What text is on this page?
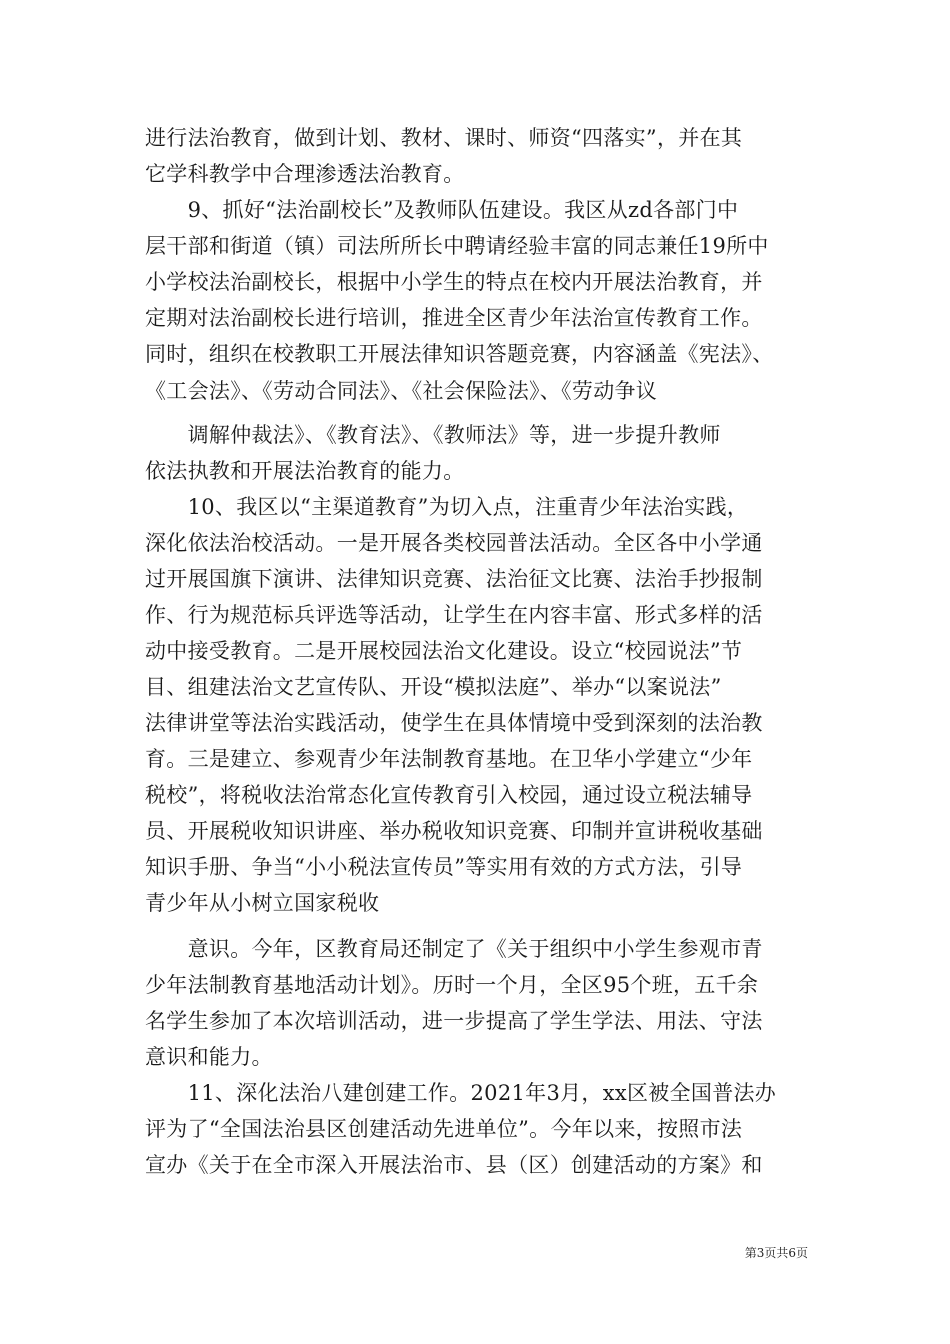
进行法治教育，做到计划、教材、课时、师资“四落实”，并在其
它学科教学中合理渗透法治教育。
　　9、抓好“法治副校长”及教师队伍建设。我区从zd各部门中
层干部和街道（镇）司法所所长中聘请经验丰富的同志兼任19所中
小学校法治副校长，根据中小学生的特点在校内开展法治教育，并
定期对法治副校长进行培训，推进全区青少年法治宣传教育工作。
同时，组织在校教职工开展法律知识答题竞赛，内容涵盖《宪法》、
《工会法》、《劳动合同法》、《社会保险法》、《劳动争议
　　调解仲裁法》、《教育法》、《教师法》等，进一步提升教师
依法执教和开展法治教育的能力。
　　10、我区以“主渠道教育”为切入点，注重青少年法治实践，
深化依法治校活动。一是开展各类校园普法活动。全区各中小学通
过开展国旗下演讲、法律知识竞赛、法治征文比赛、法治手抄报制
作、行为规范标兵评选等活动，让学生在内容丰富、形式多样的活
动中接受教育。二是开展校园法治文化建设。设立“校园说法”节
目、组建法治文艺宣传队、开设“模拟法庭”、举办“以案说法”
法律讲堂等法治实践活动，使学生在具体情境中受到深刻的法治教
育。三是建立、参观青少年法制教育基地。在卫华小学建立“少年
税校”，将税收法治常态化宣传教育引入校园，通过设立税法辅导
员、开展税收知识讲座、举办税收知识竞赛、印制并宣讲税收基础
知识手册、争当“小小税法宣传员”等实用有效的方式方法，引导
青少年从小树立国家税收
　　意识。今年，区教育局还制定了《关于组织中小学生参观市青
少年法制教育基地活动计划》。历时一个月，全区95个班，五千余
名学生参加了本次培训活动，进一步提高了学生学法、用法、守法
意识和能力。
　　11、深化法治八建创建工作。2021年3月，xx区被全国普法办
评为了“全国法治县区创建活动先进单位”。今年以来，按照市法
宣办《关于在全市深入开展法治市、县（区）创建活动的方案》和
第3页共6页
